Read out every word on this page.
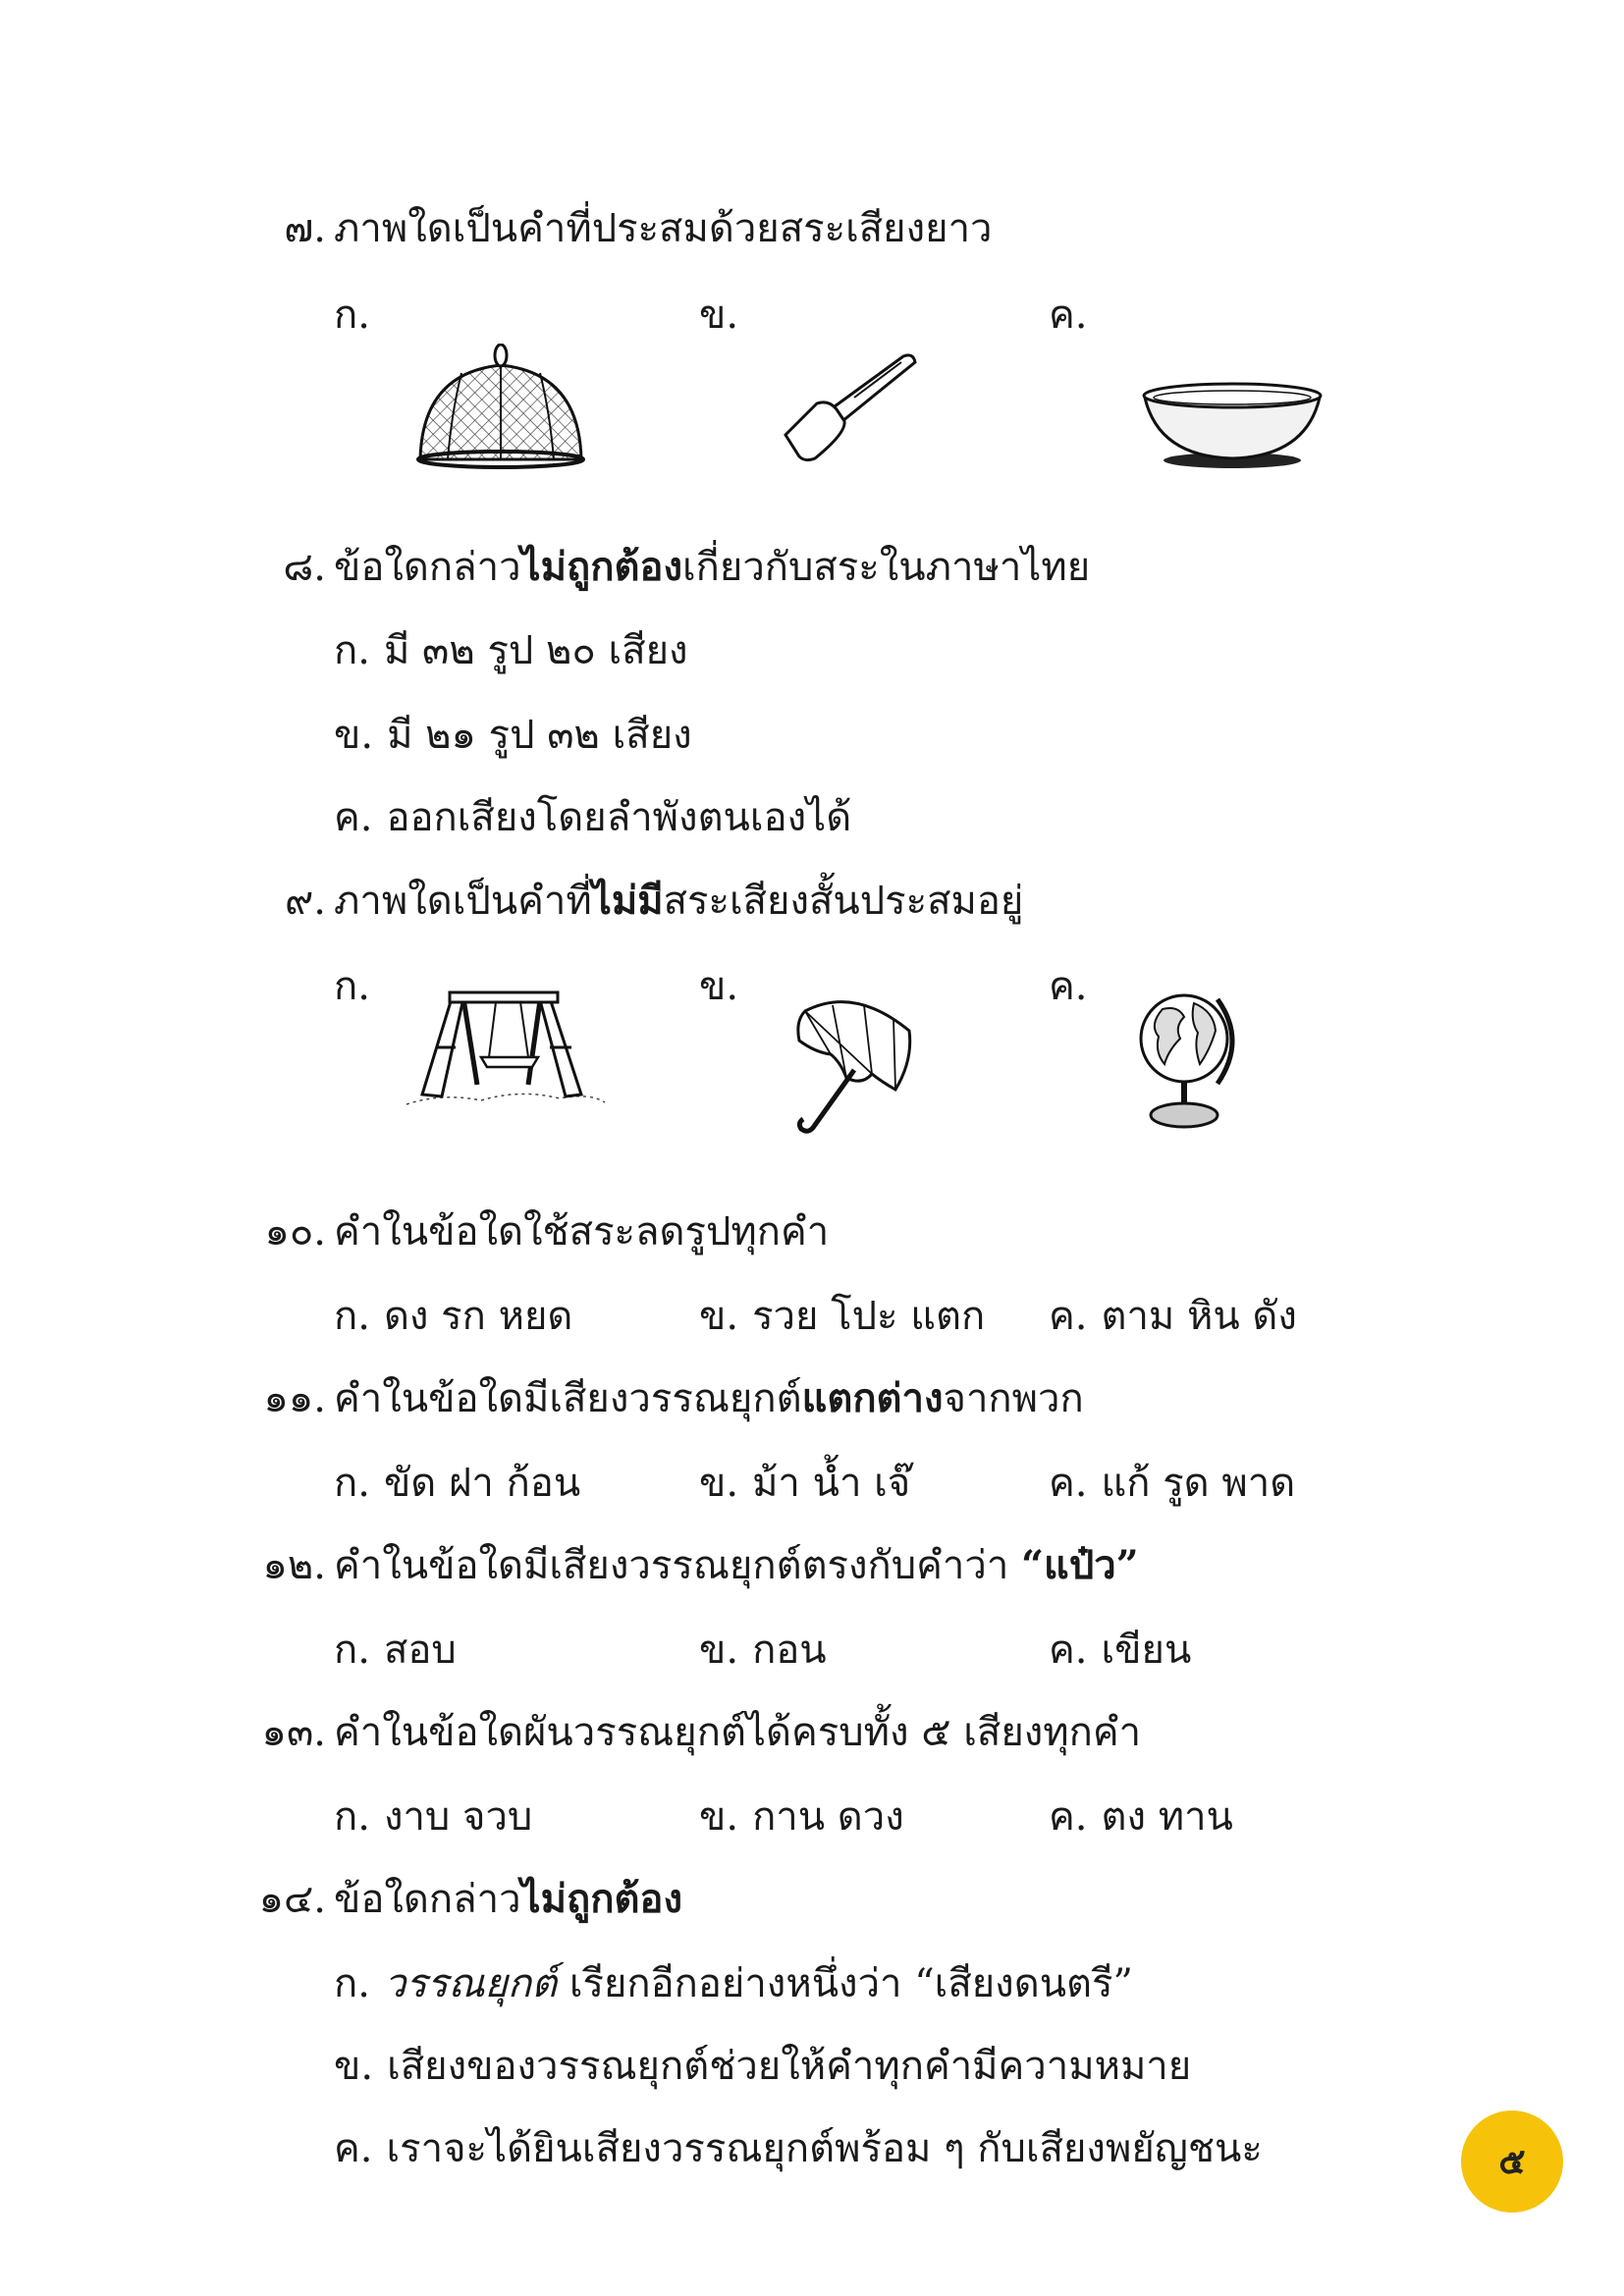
๗. ภาพใดเป็นคำที่ประสมด้วยสระเสียงยาว
ก.	ข.	ค.
๘. ข้อใดกล่าวไม่ถูกต้องเกี่ยวกับสระในภาษาไทย
ก. มี ๓๒ รูป ๒๐ เสียง
ข. มี ๒๑ รูป ๓๒ เสียง
ค. ออกเสียงโดยลำพังตนเองได้
๙. ภาพใดเป็นคำที่ไม่มีสระเสียงสั้นประสมอยู่
ก.	ข.	ค.
๑๐. คำในข้อใดใช้สระลดรูปทุกคำ
ก. ดง รก หยด	ข. รวย โปะ แตก ค. ตาม หิน ดัง
๑๑. คำในข้อใดมีเสียงวรรณยุกต์แตกต่างจากพวก
ก. ขัด ฝา ก้อน	ข. ม้า น้ำ เจ๊	ค. แก้ รูด พาด
๑๒. คำในข้อใดมีเสียงวรรณยุกต์ตรงกับคำว่า “แป๋ว”
ก. สอบ	ข. กอน	ค. เขียน
๑๓. คำในข้อใดผันวรรณยุกต์ได้ครบทั้ง ๕ เสียงทุกคำ
ก. งาบ จวบ	ข. กาน ดวง	ค. ตง ทาน
๑๔. ข้อใดกล่าวไม่ถูกต้อง
ก. วรรณยุกต์ เรียกอีกอย่างหนึ่งว่า “เสียงดนตรี”
ข. เสียงของวรรณยุกต์ช่วยให้คำทุกคำมีความหมาย
ค. เราจะได้ยินเสียงวรรณยุกต์พร้อม ๆ กับเสียงพยัญชนะ	๕
